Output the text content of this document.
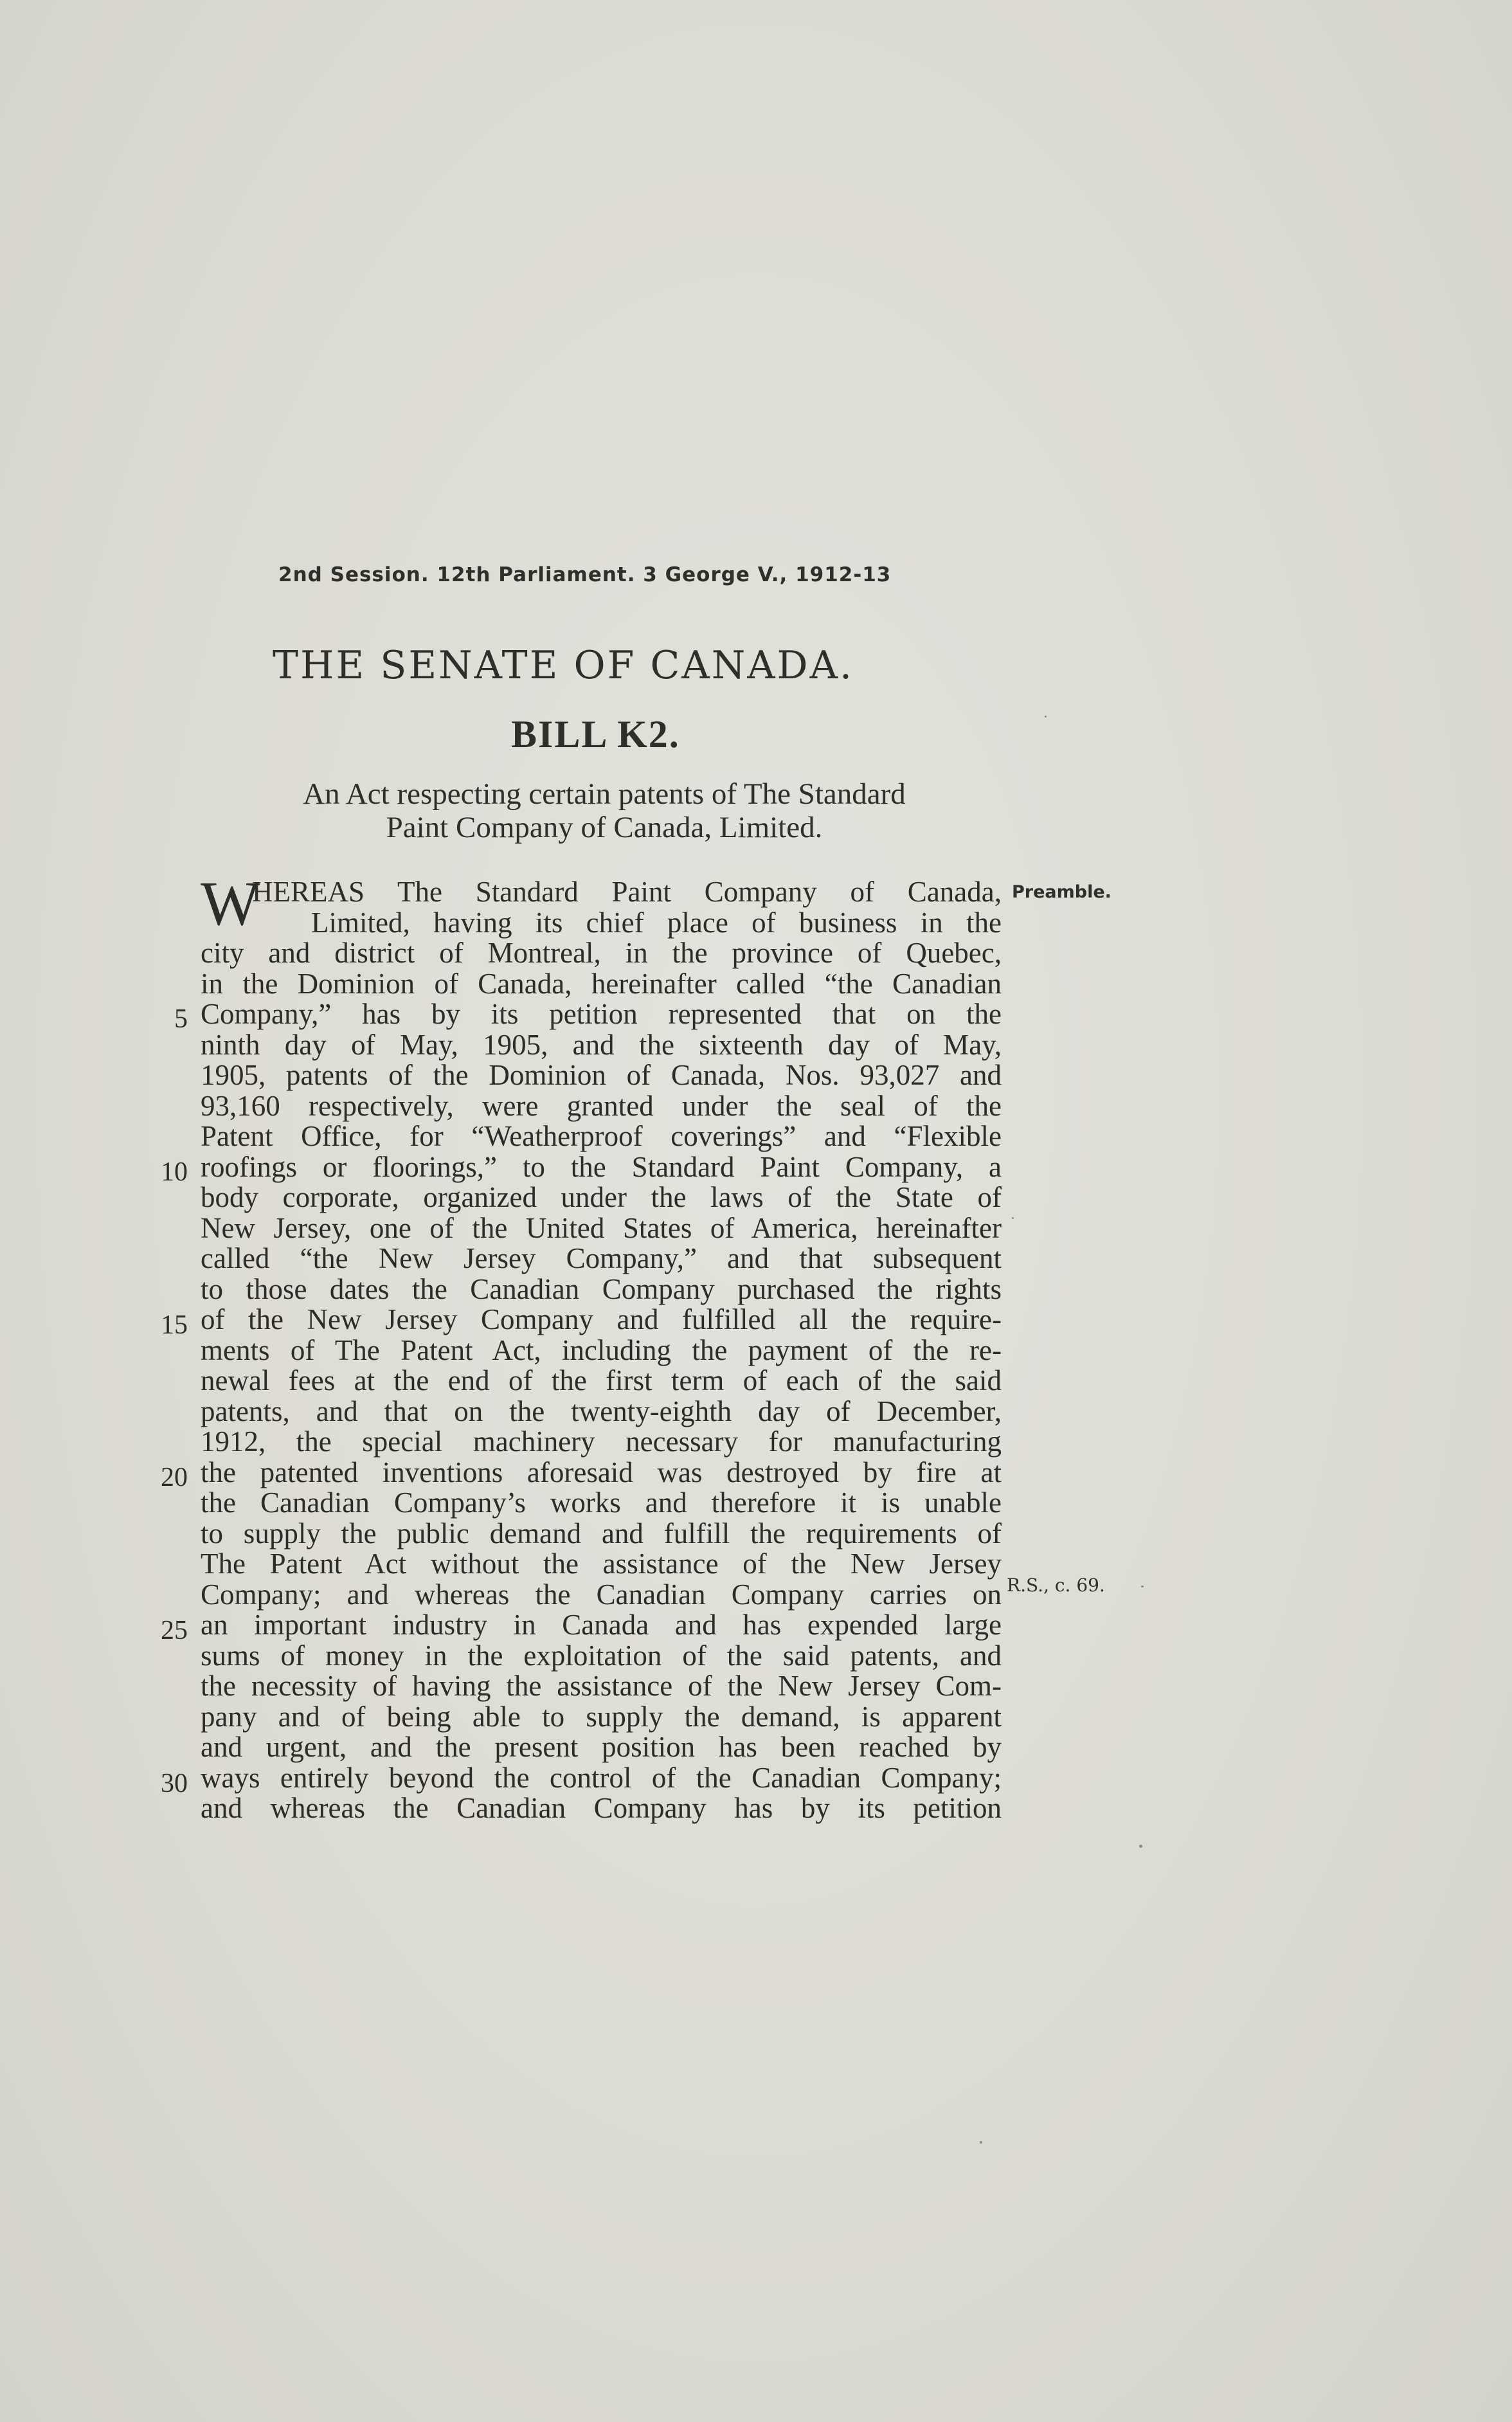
2nd Session. 12th Parliament. 3 George V., 1912-13
THE SENATE OF CANADA.
BILL K2.
An Act respecting certain patents of The Standard
Paint Company of Canada, Limited.
Preamble.
R.S., c. 69.
5
10
15
20
25
30
W
HEREAS The Standard Paint Company of Canada,
Limited, having its chief place of business in the
city and district of Montreal, in the province of Quebec,
in the Dominion of Canada, hereinafter called “the Canadian
Company,” has by its petition represented that on the
ninth day of May, 1905, and the sixteenth day of May,
1905, patents of the Dominion of Canada, Nos. 93,027 and
93,160 respectively, were granted under the seal of the
Patent Office, for “Weatherproof coverings” and “Flexible
roofings or floorings,” to the Standard Paint Company, a
body corporate, organized under the laws of the State of
New Jersey, one of the United States of America, hereinafter
called “the New Jersey Company,” and that subsequent
to those dates the Canadian Company purchased the rights
of the New Jersey Company and fulfilled all the require-
ments of The Patent Act, including the payment of the re-
newal fees at the end of the first term of each of the said
patents, and that on the twenty-eighth day of December,
1912, the special machinery necessary for manufacturing
the patented inventions aforesaid was destroyed by fire at
the Canadian Company’s works and therefore it is unable
to supply the public demand and fulfill the requirements of
The Patent Act without the assistance of the New Jersey
Company; and whereas the Canadian Company carries on
an important industry in Canada and has expended large
sums of money in the exploitation of the said patents, and
the necessity of having the assistance of the New Jersey Com-
pany and of being able to supply the demand, is apparent
and urgent, and the present position has been reached by
ways entirely beyond the control of the Canadian Company;
and whereas the Canadian Company has by its petition
